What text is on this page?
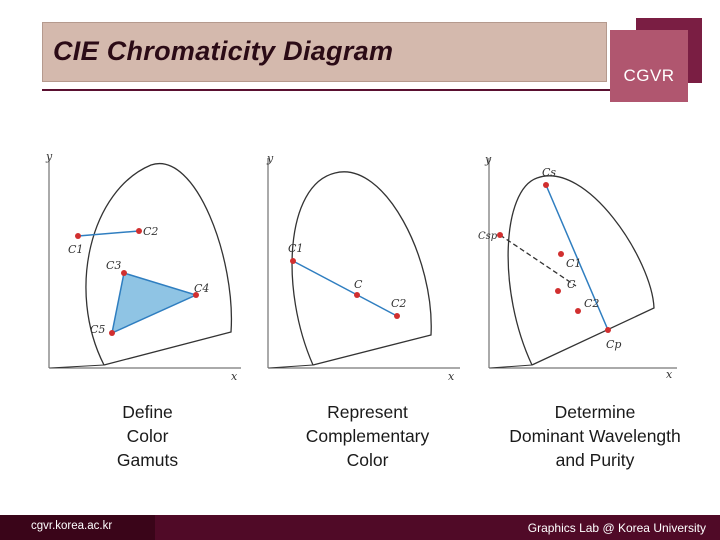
CIE Chromaticity Diagram
CGVR
y
x
C1
C2
C3
C4
C5
y
x
C1
C
C2
y
x
Cs
Csp
C1
C
C2
Cp
Define
Color
Gamuts
Represent
Complementary
Color
Determine
Dominant Wavelength
and Purity
cgvr.korea.ac.kr	Graphics Lab @ Korea University
